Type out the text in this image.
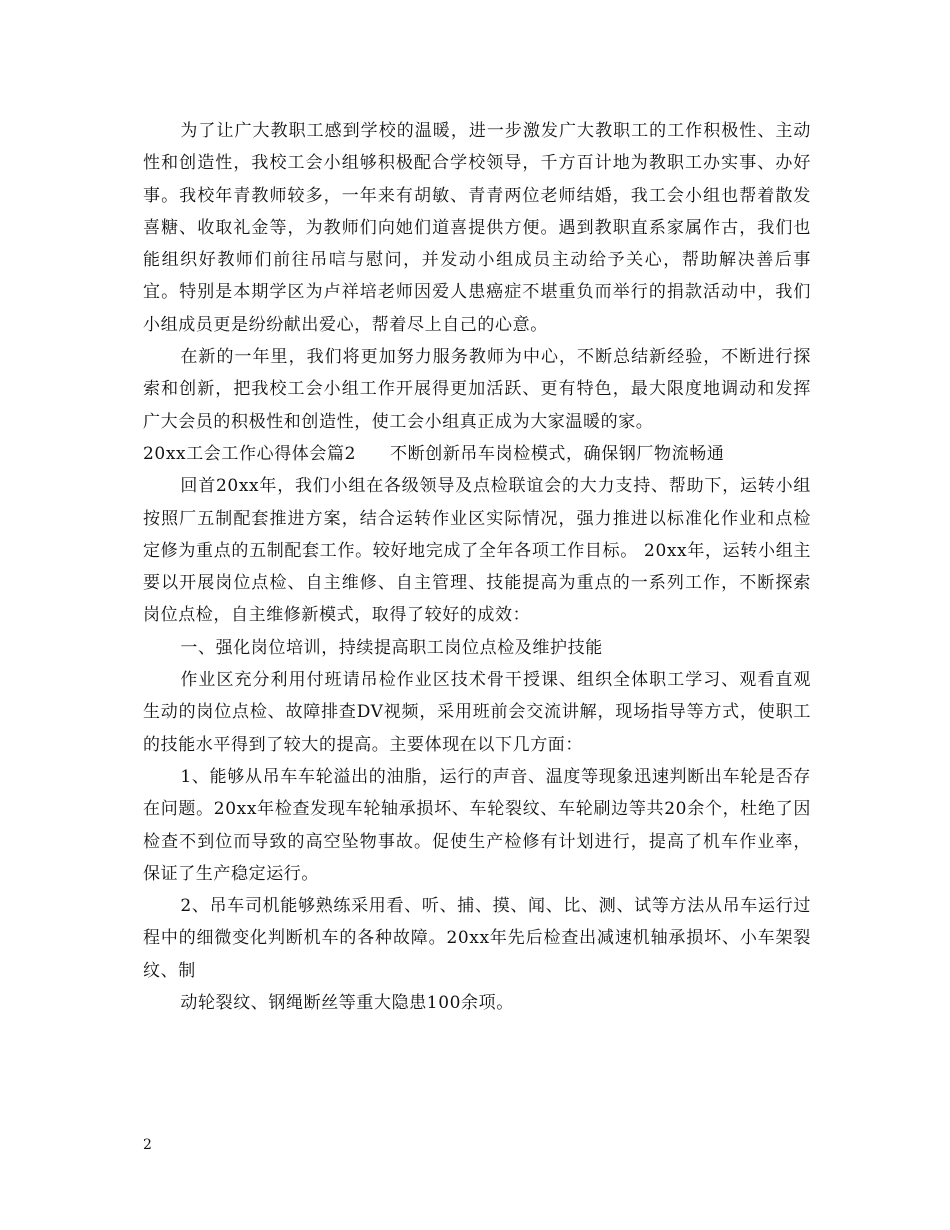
为了让广大教职工感到学校的温暖，进一步激发广大教职工的工作积极性、主动性和创造性，我校工会小组够积极配合学校领导，千方百计地为教职工办实事、办好事。我校年青教师较多，一年来有胡敏、青青两位老师结婚，我工会小组也帮着散发喜糖、收取礼金等，为教师们向她们道喜提供方便。遇到教职直系家属作古，我们也能组织好教师们前往吊唁与慰问，并发动小组成员主动给予关心，帮助解决善后事宜。特别是本期学区为卢祥培老师因爱人患癌症不堪重负而举行的捐款活动中，我们小组成员更是纷纷献出爱心，帮着尽上自己的心意。

在新的一年里，我们将更加努力服务教师为中心，不断总结新经验，不断进行探索和创新，把我校工会小组工作开展得更加活跃、更有特色，最大限度地调动和发挥广大会员的积极性和创造性，使工会小组真正成为大家温暖的家。

20xx工会工作心得体会篇2 不断创新吊车岗检模式，确保钢厂物流畅通

回首20xx年，我们小组在各级领导及点检联谊会的大力支持、帮助下，运转小组按照厂五制配套推进方案，结合运转作业区实际情况，强力推进以标准化作业和点检定修为重点的五制配套工作。较好地完成了全年各项工作目标。 20xx年，运转小组主要以开展岗位点检、自主维修、自主管理、技能提高为重点的一系列工作，不断探索岗位点检，自主维修新模式，取得了较好的成效：

一、强化岗位培训，持续提高职工岗位点检及维护技能

作业区充分利用付班请吊检作业区技术骨干授课、组织全体职工学习、观看直观生动的岗位点检、故障排查DV视频，采用班前会交流讲解，现场指导等方式，使职工的技能水平得到了较大的提高。主要体现在以下几方面：

1、能够从吊车车轮溢出的油脂，运行的声音、温度等现象迅速判断出车轮是否存在问题。20xx年检查发现车轮轴承损坏、车轮裂纹、车轮刷边等共20余个，杜绝了因检查不到位而导致的高空坠物事故。促使生产检修有计划进行，提高了机车作业率，保证了生产稳定运行。

2、吊车司机能够熟练采用看、听、捕、摸、闻、比、测、试等方法从吊车运行过程中的细微变化判断机车的各种故障。20xx年先后检查出减速机轴承损坏、小车架裂纹、制

动轮裂纹、钢绳断丝等重大隐患100余项。

2
